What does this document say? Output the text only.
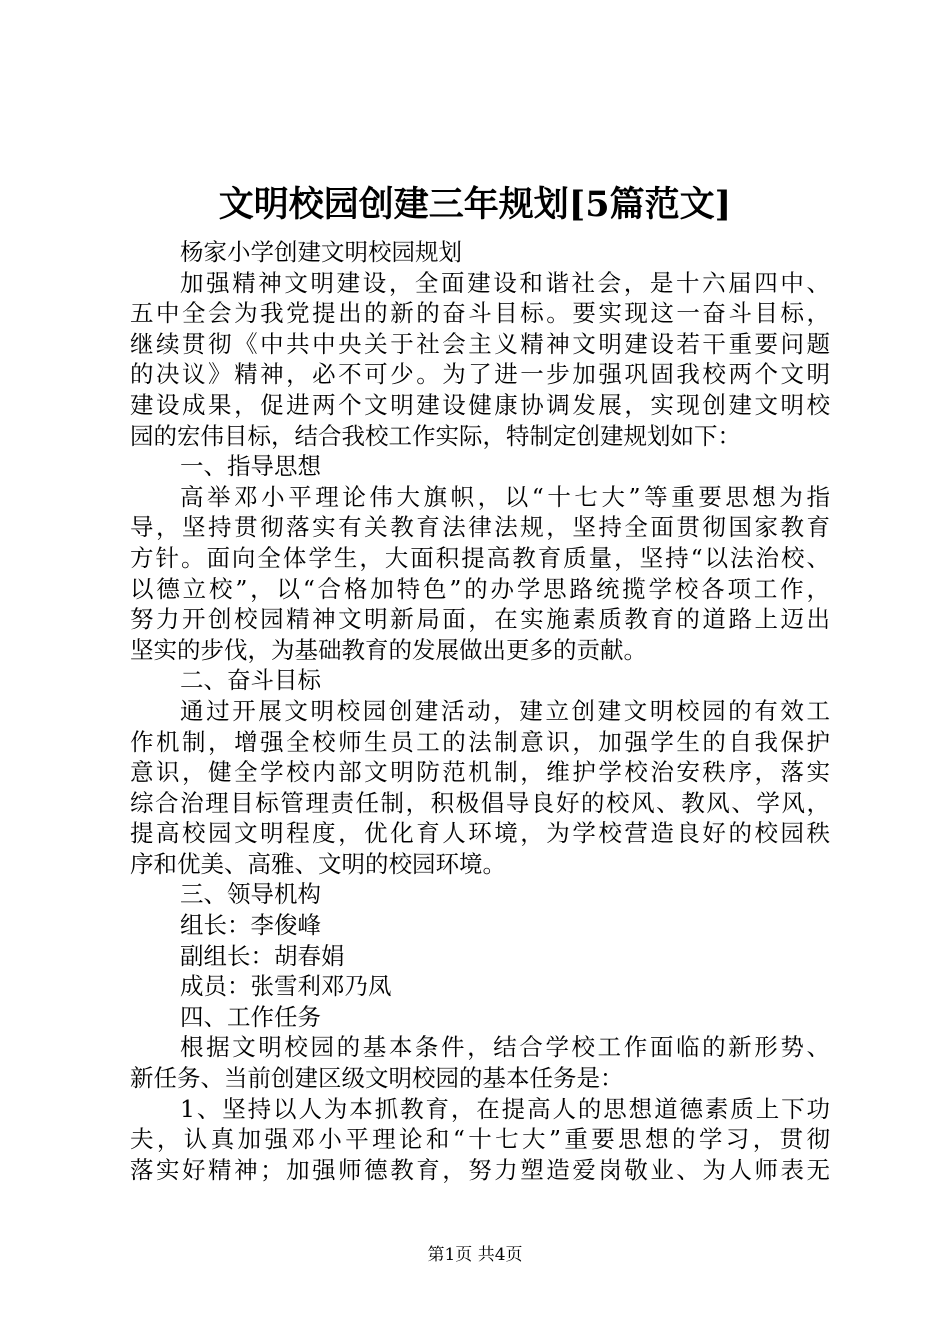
文明校园创建三年规划[5篇范文]
杨家小学创建文明校园规划
加强精神文明建设，全面建设和谐社会，是十六届四中、
五中全会为我党提出的新的奋斗目标。要实现这一奋斗目标，
继续贯彻《中共中央关于社会主义精神文明建设若干重要问题
的决议》精神，必不可少。为了进一步加强巩固我校两个文明
建设成果，促进两个文明建设健康协调发展，实现创建文明校
园的宏伟目标，结合我校工作实际，特制定创建规划如下：
一、指导思想
高举邓小平理论伟大旗帜，以“十七大”等重要思想为指
导，坚持贯彻落实有关教育法律法规，坚持全面贯彻国家教育
方针。面向全体学生，大面积提高教育质量，坚持“以法治校、
以德立校”，以“合格加特色”的办学思路统揽学校各项工作，
努力开创校园精神文明新局面，在实施素质教育的道路上迈出
坚实的步伐，为基础教育的发展做出更多的贡献。
二、奋斗目标
通过开展文明校园创建活动，建立创建文明校园的有效工
作机制，增强全校师生员工的法制意识，加强学生的自我保护
意识，健全学校内部文明防范机制，维护学校治安秩序，落实
综合治理目标管理责任制，积极倡导良好的校风、教风、学风，
提高校园文明程度，优化育人环境，为学校营造良好的校园秩
序和优美、高雅、文明的校园环境。
三、领导机构
组长：李俊峰
副组长：胡春娟
成员：张雪利邓乃凤
四、工作任务
根据文明校园的基本条件，结合学校工作面临的新形势、
新任务、当前创建区级文明校园的基本任务是：
1、坚持以人为本抓教育，在提高人的思想道德素质上下功
夫，认真加强邓小平理论和“十七大”重要思想的学习，贯彻
落实好精神；加强师德教育，努力塑造爱岗敬业、为人师表无
第1页 共4页
